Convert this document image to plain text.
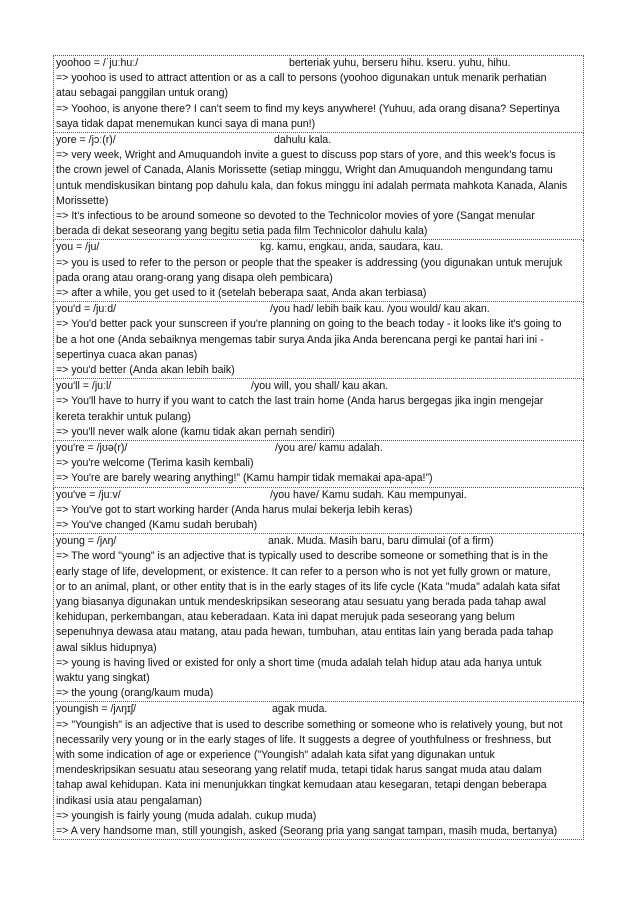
yoohoo = /ˈjuːhuː/	berteriak yuhu, berseru hihu. kseru. yuhu, hihu.
=> yoohoo is used to attract attention or as a call to persons (yoohoo digunakan untuk menarik perhatian
atau sebagai panggilan untuk orang)
=> Yoohoo, is anyone there? I can't seem to find my keys anywhere! (Yuhuu, ada orang disana? Sepertinya
saya tidak dapat menemukan kunci saya di mana pun!)
yore = /jɔː(r)/	dahulu kala.
=> very week, Wright and Amuquandoh invite a guest to discuss pop stars of yore, and this week’s focus is
the crown jewel of Canada, Alanis Morissette (setiap minggu, Wright dan Amuquandoh mengundang tamu
untuk mendiskusikan bintang pop dahulu kala, dan fokus minggu ini adalah permata mahkota Kanada, Alanis
Morissette)
=> It's infectious to be around someone so devoted to the Technicolor movies of yore (Sangat menular
berada di dekat seseorang yang begitu setia pada film Technicolor dahulu kala)
you = /ju/	kg. kamu, engkau, anda, saudara, kau.
=> you is used to refer to the person or people that the speaker is addressing (you digunakan untuk merujuk
pada orang atau orang-orang yang disapa oleh pembicara)
=> after a while, you get used to it (setelah beberapa saat, Anda akan terbiasa)
you'd = /juːd/	/you had/ lebih baik kau. /you would/ kau akan.
=> You'd better pack your sunscreen if you're planning on going to the beach today - it looks like it's going to
be a hot one (Anda sebaiknya mengemas tabir surya Anda jika Anda berencana pergi ke pantai hari ini -
sepertinya cuaca akan panas)
=> you'd better (Anda akan lebih baik)
you'll = /juːl/	/you will, you shall/ kau akan.
=> You'll have to hurry if you want to catch the last train home (Anda harus bergegas jika ingin mengejar
kereta terakhir untuk pulang)
=> you'll never walk alone (kamu tidak akan pernah sendiri)
you're = /jʊə(r)/	/you are/ kamu adalah.
=> you're welcome (Terima kasih kembali)
=> You're are barely wearing anything!” (Kamu hampir tidak memakai apa-apa!”)
you've = /juːv/	/you have/ Kamu sudah. Kau mempunyai.
=> You've got to start working harder (Anda harus mulai bekerja lebih keras)
=> You've changed (Kamu sudah berubah)
young = /jʌŋ/	anak. Muda. Masih baru, baru dimulai (of a firm)
=> The word "young" is an adjective that is typically used to describe someone or something that is in the
early stage of life, development, or existence. It can refer to a person who is not yet fully grown or mature,
or to an animal, plant, or other entity that is in the early stages of its life cycle (Kata "muda" adalah kata sifat
yang biasanya digunakan untuk mendeskripsikan seseorang atau sesuatu yang berada pada tahap awal
kehidupan, perkembangan, atau keberadaan. Kata ini dapat merujuk pada seseorang yang belum
sepenuhnya dewasa atau matang, atau pada hewan, tumbuhan, atau entitas lain yang berada pada tahap
awal siklus hidupnya)
=> young is having lived or existed for only a short time (muda adalah telah hidup atau ada hanya untuk
waktu yang singkat)
=> the young (orang/kaum muda)
youngish = /jʌŋɪʃ/	agak muda.
=> "Youngish" is an adjective that is used to describe something or someone who is relatively young, but not
necessarily very young or in the early stages of life. It suggests a degree of youthfulness or freshness, but
with some indication of age or experience ("Youngish" adalah kata sifat yang digunakan untuk
mendeskripsikan sesuatu atau seseorang yang relatif muda, tetapi tidak harus sangat muda atau dalam
tahap awal kehidupan. Kata ini menunjukkan tingkat kemudaan atau kesegaran, tetapi dengan beberapa
indikasi usia atau pengalaman)
=> youngish is fairly young (muda adalah. cukup muda)
=> A very handsome man, still youngish, asked (Seorang pria yang sangat tampan, masih muda, bertanya)
